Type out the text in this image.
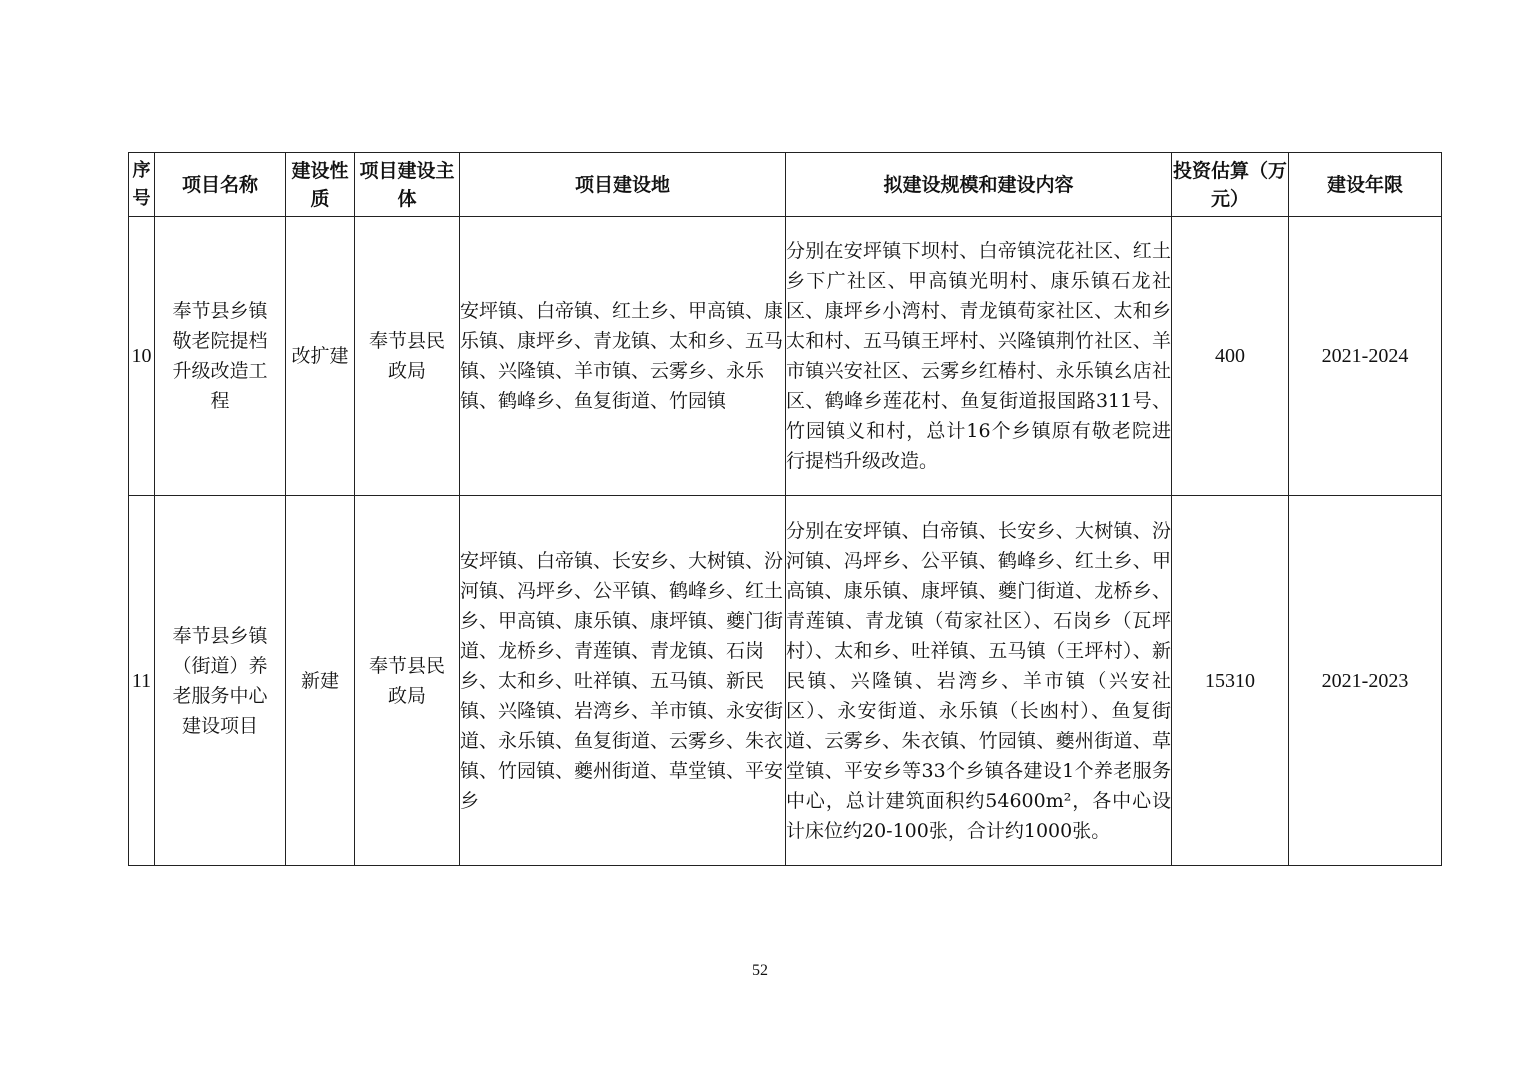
序号	项目名称	建设性质	项目建设主体	项目建设地	拟建设规模和建设内容	投资估算（万元）	建设年限
10	奉节县乡镇敬老院提档升级改造工程	改扩建	奉节县民政局	安坪镇、白帝镇、红土乡、甲高镇、康乐镇、康坪乡、青龙镇、太和乡、五马镇、兴隆镇、羊市镇、云雾乡、永乐镇、鹤峰乡、鱼复街道、竹园镇	分别在安坪镇下坝村、白帝镇浣花社区、红土乡下广社区、甲高镇光明村、康乐镇石龙社区、康坪乡小湾村、青龙镇荀家社区、太和乡太和村、五马镇王坪村、兴隆镇荆竹社区、羊市镇兴安社区、云雾乡红椿村、永乐镇幺店社区、鹤峰乡莲花村、鱼复街道报国路311号、竹园镇义和村，总计16个乡镇原有敬老院进行提档升级改造。	400	2021-2024
11	奉节县乡镇（街道）养老服务中心建设项目	新建	奉节县民政局	安坪镇、白帝镇、长安乡、大树镇、汾河镇、冯坪乡、公平镇、鹤峰乡、红土乡、甲高镇、康乐镇、康坪镇、夔门街道、龙桥乡、青莲镇、青龙镇、石岗乡、太和乡、吐祥镇、五马镇、新民镇、兴隆镇、岩湾乡、羊市镇、永安街道、永乐镇、鱼复街道、云雾乡、朱衣镇、竹园镇、夔州街道、草堂镇、平安乡	分别在安坪镇、白帝镇、长安乡、大树镇、汾河镇、冯坪乡、公平镇、鹤峰乡、红土乡、甲高镇、康乐镇、康坪镇、夔门街道、龙桥乡、青莲镇、青龙镇（荀家社区）、石岗乡（瓦坪村）、太和乡、吐祥镇、五马镇（王坪村）、新民镇、兴隆镇、岩湾乡、羊市镇（兴安社区）、永安街道、永乐镇（长凼村）、鱼复街道、云雾乡、朱衣镇、竹园镇、夔州街道、草堂镇、平安乡等33个乡镇各建设1个养老服务中心，总计建筑面积约54600m²，各中心设计床位约20-100张，合计约1000张。	15310	2021-2023
52
